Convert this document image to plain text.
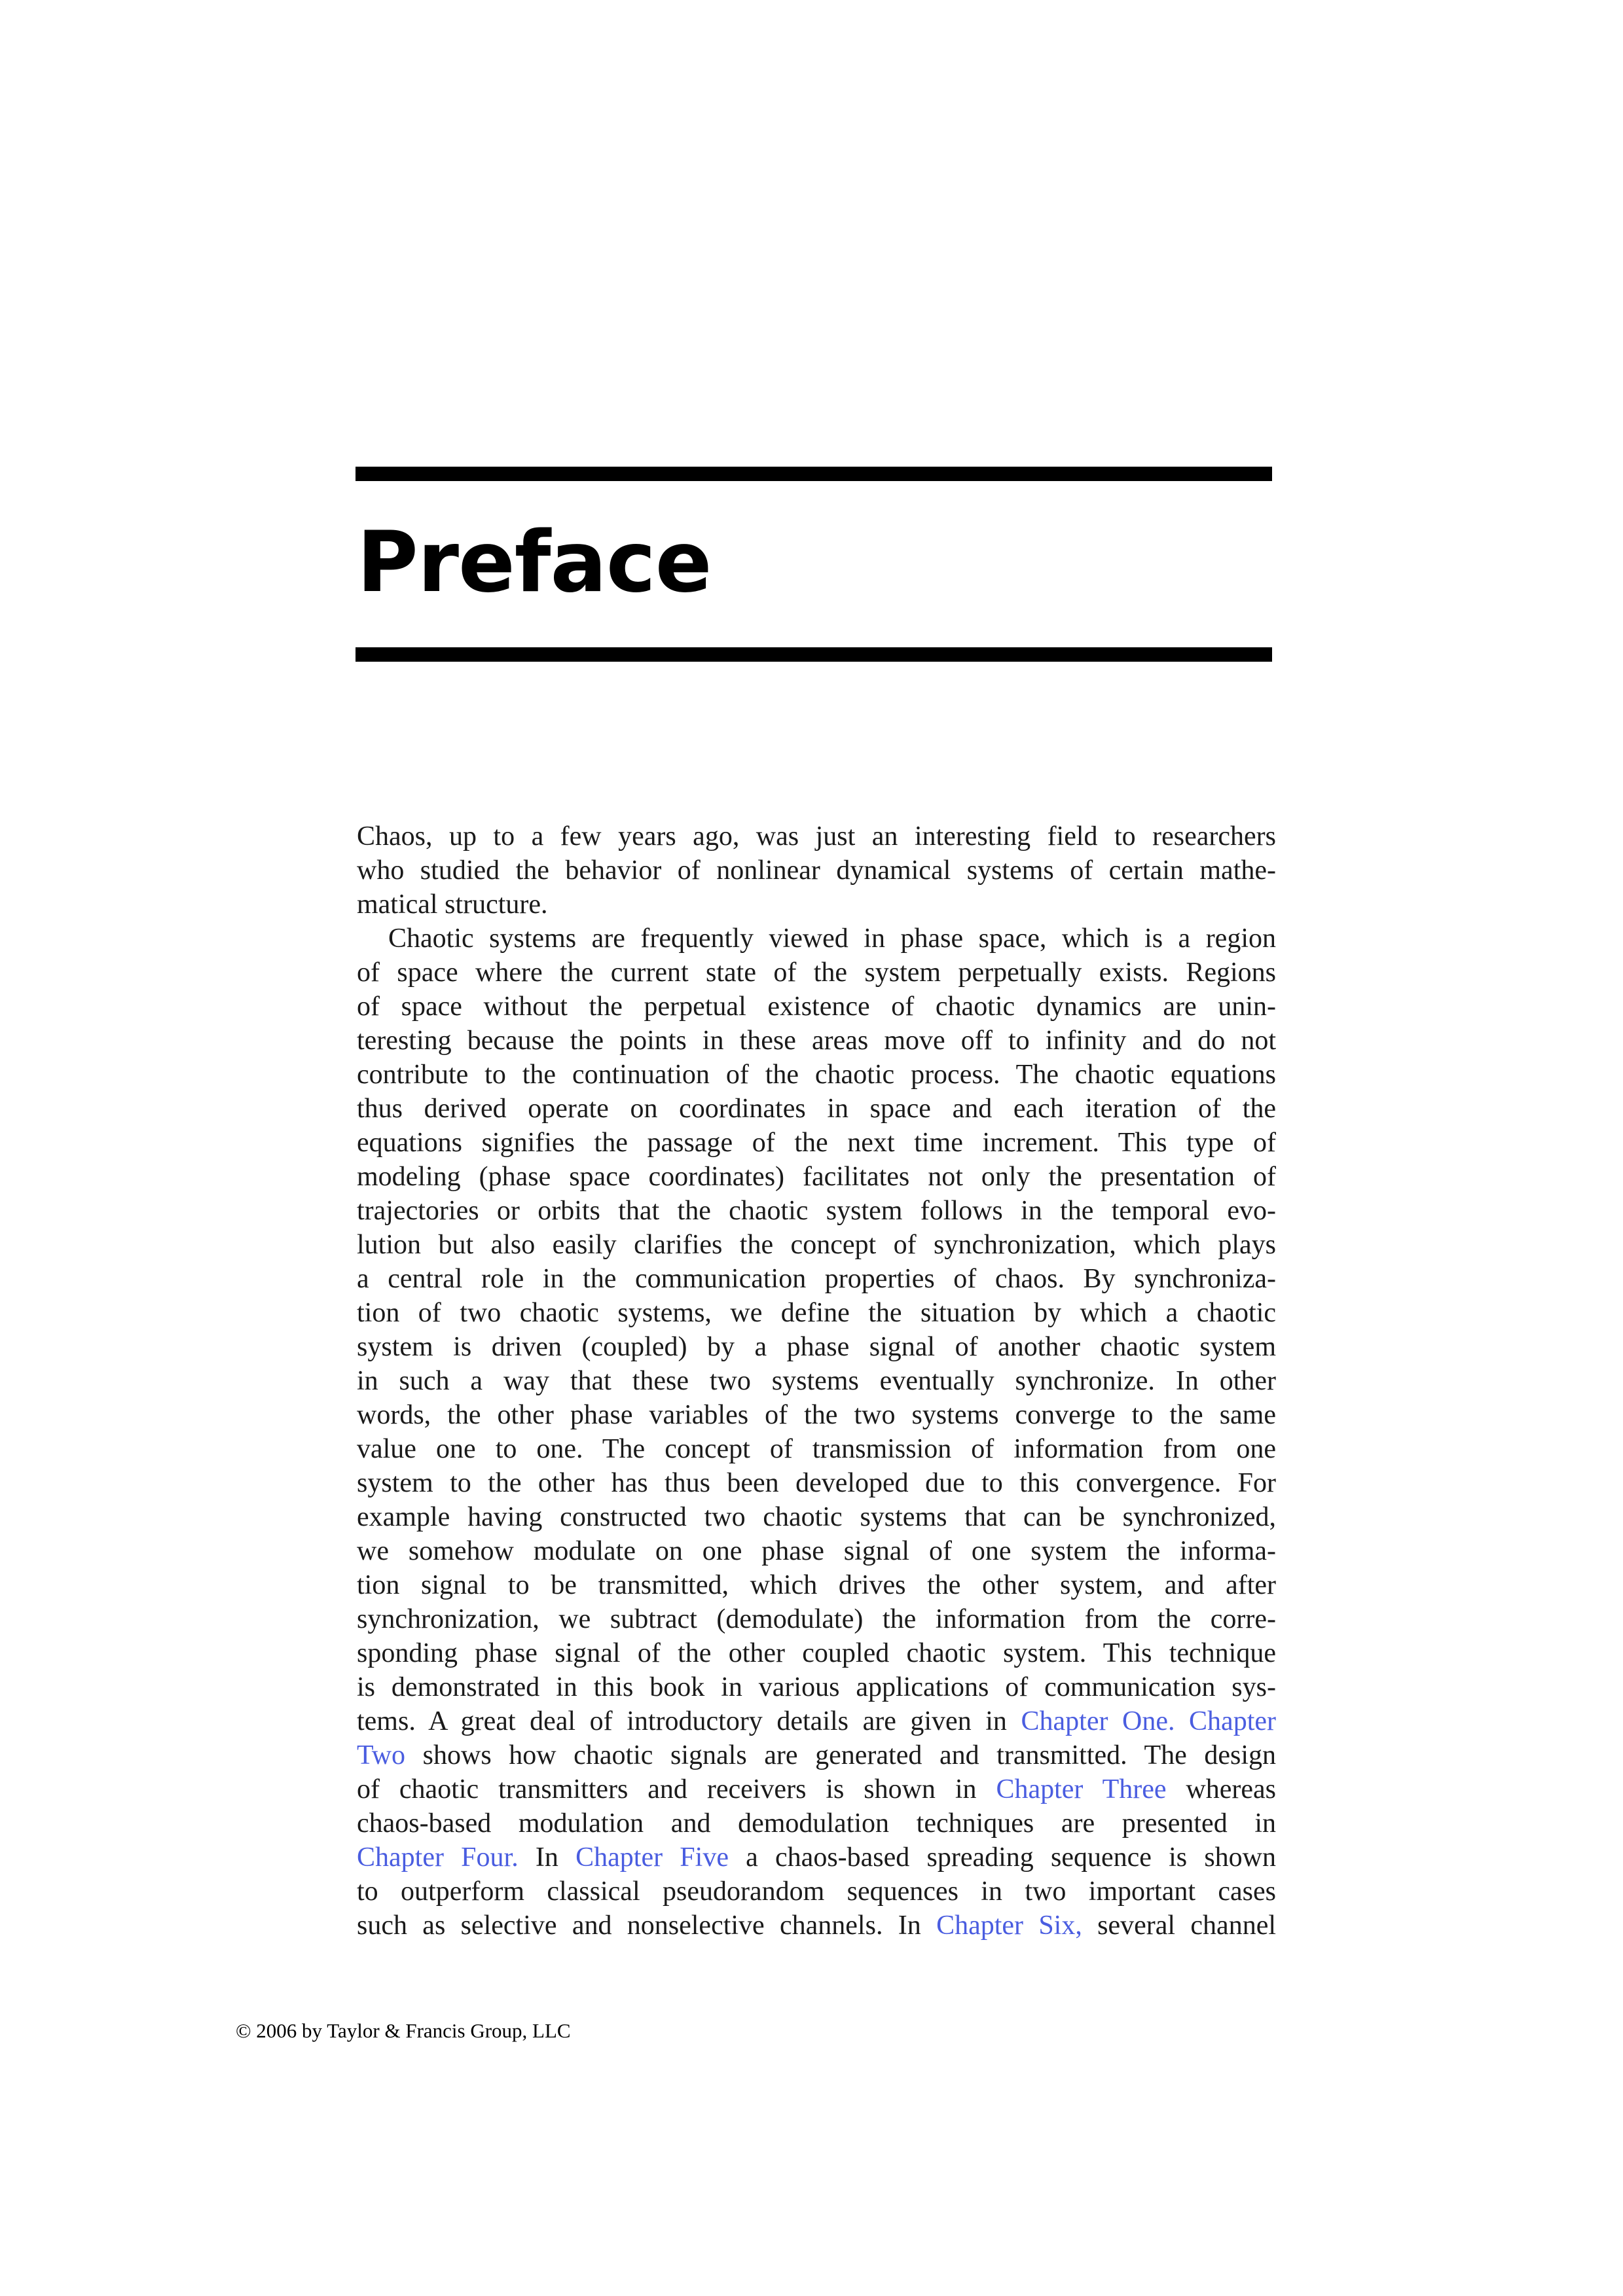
Preface
Chaos, up to a few years ago, was just an interesting field to researchers
who studied the behavior of nonlinear dynamical systems of certain mathe-
matical structure.
Chaotic systems are frequently viewed in phase space, which is a region
of space where the current state of the system perpetually exists. Regions
of space without the perpetual existence of chaotic dynamics are unin-
teresting because the points in these areas move off to infinity and do not
contribute to the continuation of the chaotic process. The chaotic equations
thus derived operate on coordinates in space and each iteration of the
equations signifies the passage of the next time increment. This type of
modeling (phase space coordinates) facilitates not only the presentation of
trajectories or orbits that the chaotic system follows in the temporal evo-
lution but also easily clarifies the concept of synchronization, which plays
a central role in the communication properties of chaos. By synchroniza-
tion of two chaotic systems, we define the situation by which a chaotic
system is driven (coupled) by a phase signal of another chaotic system
in such a way that these two systems eventually synchronize. In other
words, the other phase variables of the two systems converge to the same
value one to one. The concept of transmission of information from one
system to the other has thus been developed due to this convergence. For
example having constructed two chaotic systems that can be synchronized,
we somehow modulate on one phase signal of one system the informa-
tion signal to be transmitted, which drives the other system, and after
synchronization, we subtract (demodulate) the information from the corre-
sponding phase signal of the other coupled chaotic system. This technique
is demonstrated in this book in various applications of communication sys-
tems. A great deal of introductory details are given in Chapter One. Chapter
Two shows how chaotic signals are generated and transmitted. The design
of chaotic transmitters and receivers is shown in Chapter Three whereas
chaos-based modulation and demodulation techniques are presented in
Chapter Four. In Chapter Five a chaos-based spreading sequence is shown
to outperform classical pseudorandom sequences in two important cases
such as selective and nonselective channels. In Chapter Six, several channel
© 2006 by Taylor & Francis Group, LLC
